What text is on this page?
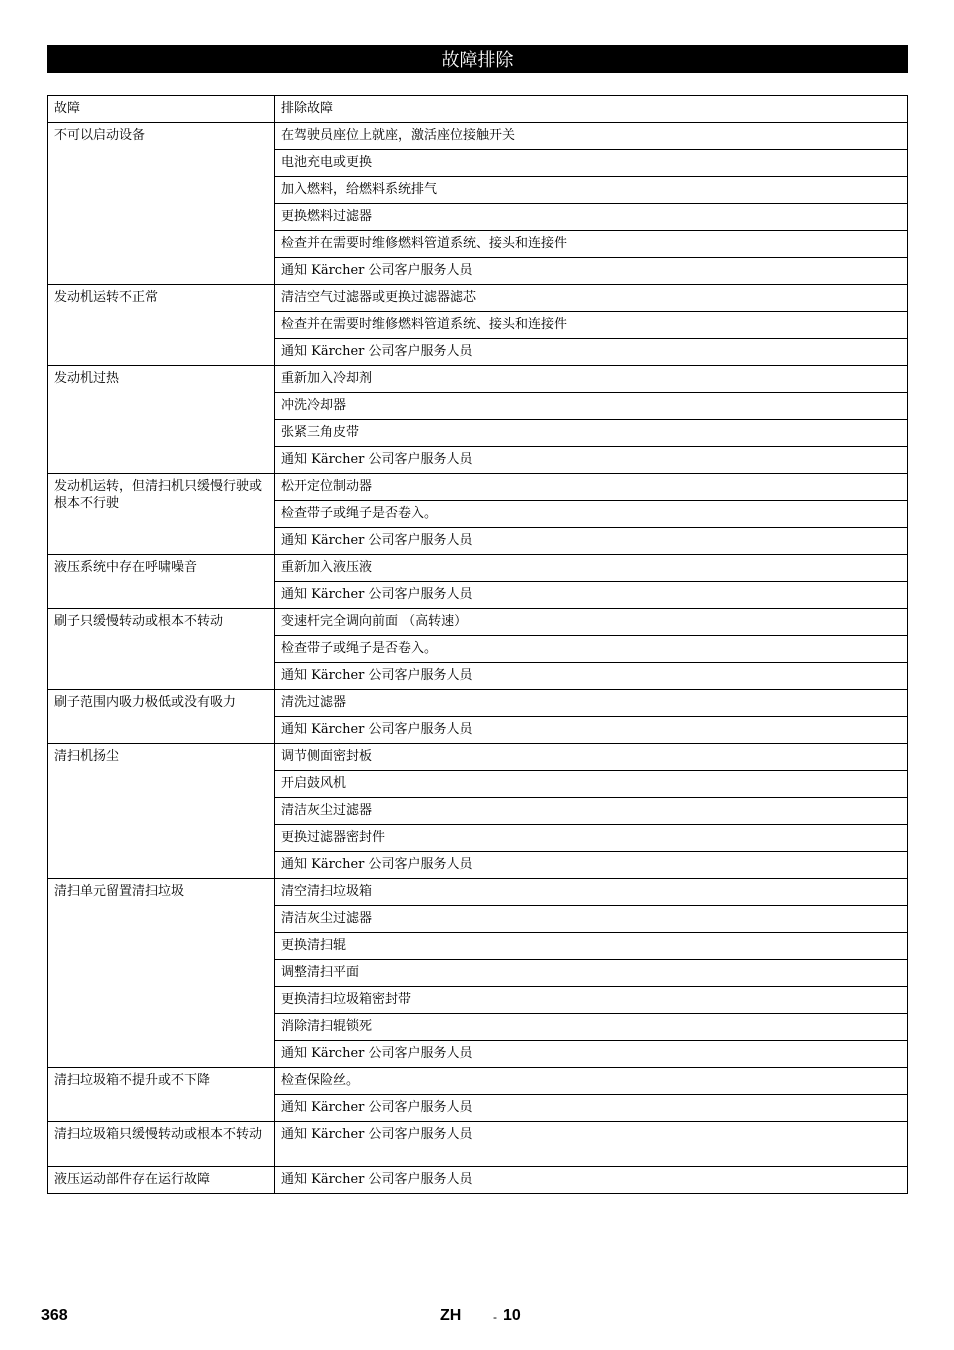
故障排除
故障	排除故障
不可以启动设备	在驾驶员座位上就座，激活座位接触开关
	电池充电或更换
	加入燃料，给燃料系统排气
	更换燃料过滤器
	检查并在需要时维修燃料管道系统、接头和连接件
	通知 Kärcher 公司客户服务人员
发动机运转不正常	清洁空气过滤器或更换过滤器滤芯
	检查并在需要时维修燃料管道系统、接头和连接件
	通知 Kärcher 公司客户服务人员
发动机过热	重新加入冷却剂
	冲洗冷却器
	张紧三角皮带
	通知 Kärcher 公司客户服务人员
发动机运转，但清扫机只缓慢行驶或根本不行驶	松开定位制动器
	检查带子或绳子是否卷入。
	通知 Kärcher 公司客户服务人员
液压系统中存在呼啸噪音	重新加入液压液
	通知 Kärcher 公司客户服务人员
刷子只缓慢转动或根本不转动	变速杆完全调向前面 （高转速）
	检查带子或绳子是否卷入。
	通知 Kärcher 公司客户服务人员
刷子范围内吸力极低或没有吸力	清洗过滤器
	通知 Kärcher 公司客户服务人员
清扫机扬尘	调节侧面密封板
	开启鼓风机
	清洁灰尘过滤器
	更换过滤器密封件
	通知 Kärcher 公司客户服务人员
清扫单元留置清扫垃圾	清空清扫垃圾箱
	清洁灰尘过滤器
	更换清扫辊
	调整清扫平面
	更换清扫垃圾箱密封带
	消除清扫辊锁死
	通知 Kärcher 公司客户服务人员
清扫垃圾箱不提升或不下降	检查保险丝。
	通知 Kärcher 公司客户服务人员
清扫垃圾箱只缓慢转动或根本不转动	通知 Kärcher 公司客户服务人员
液压运动部件存在运行故障	通知 Kärcher 公司客户服务人员
368	ZH	- 10
